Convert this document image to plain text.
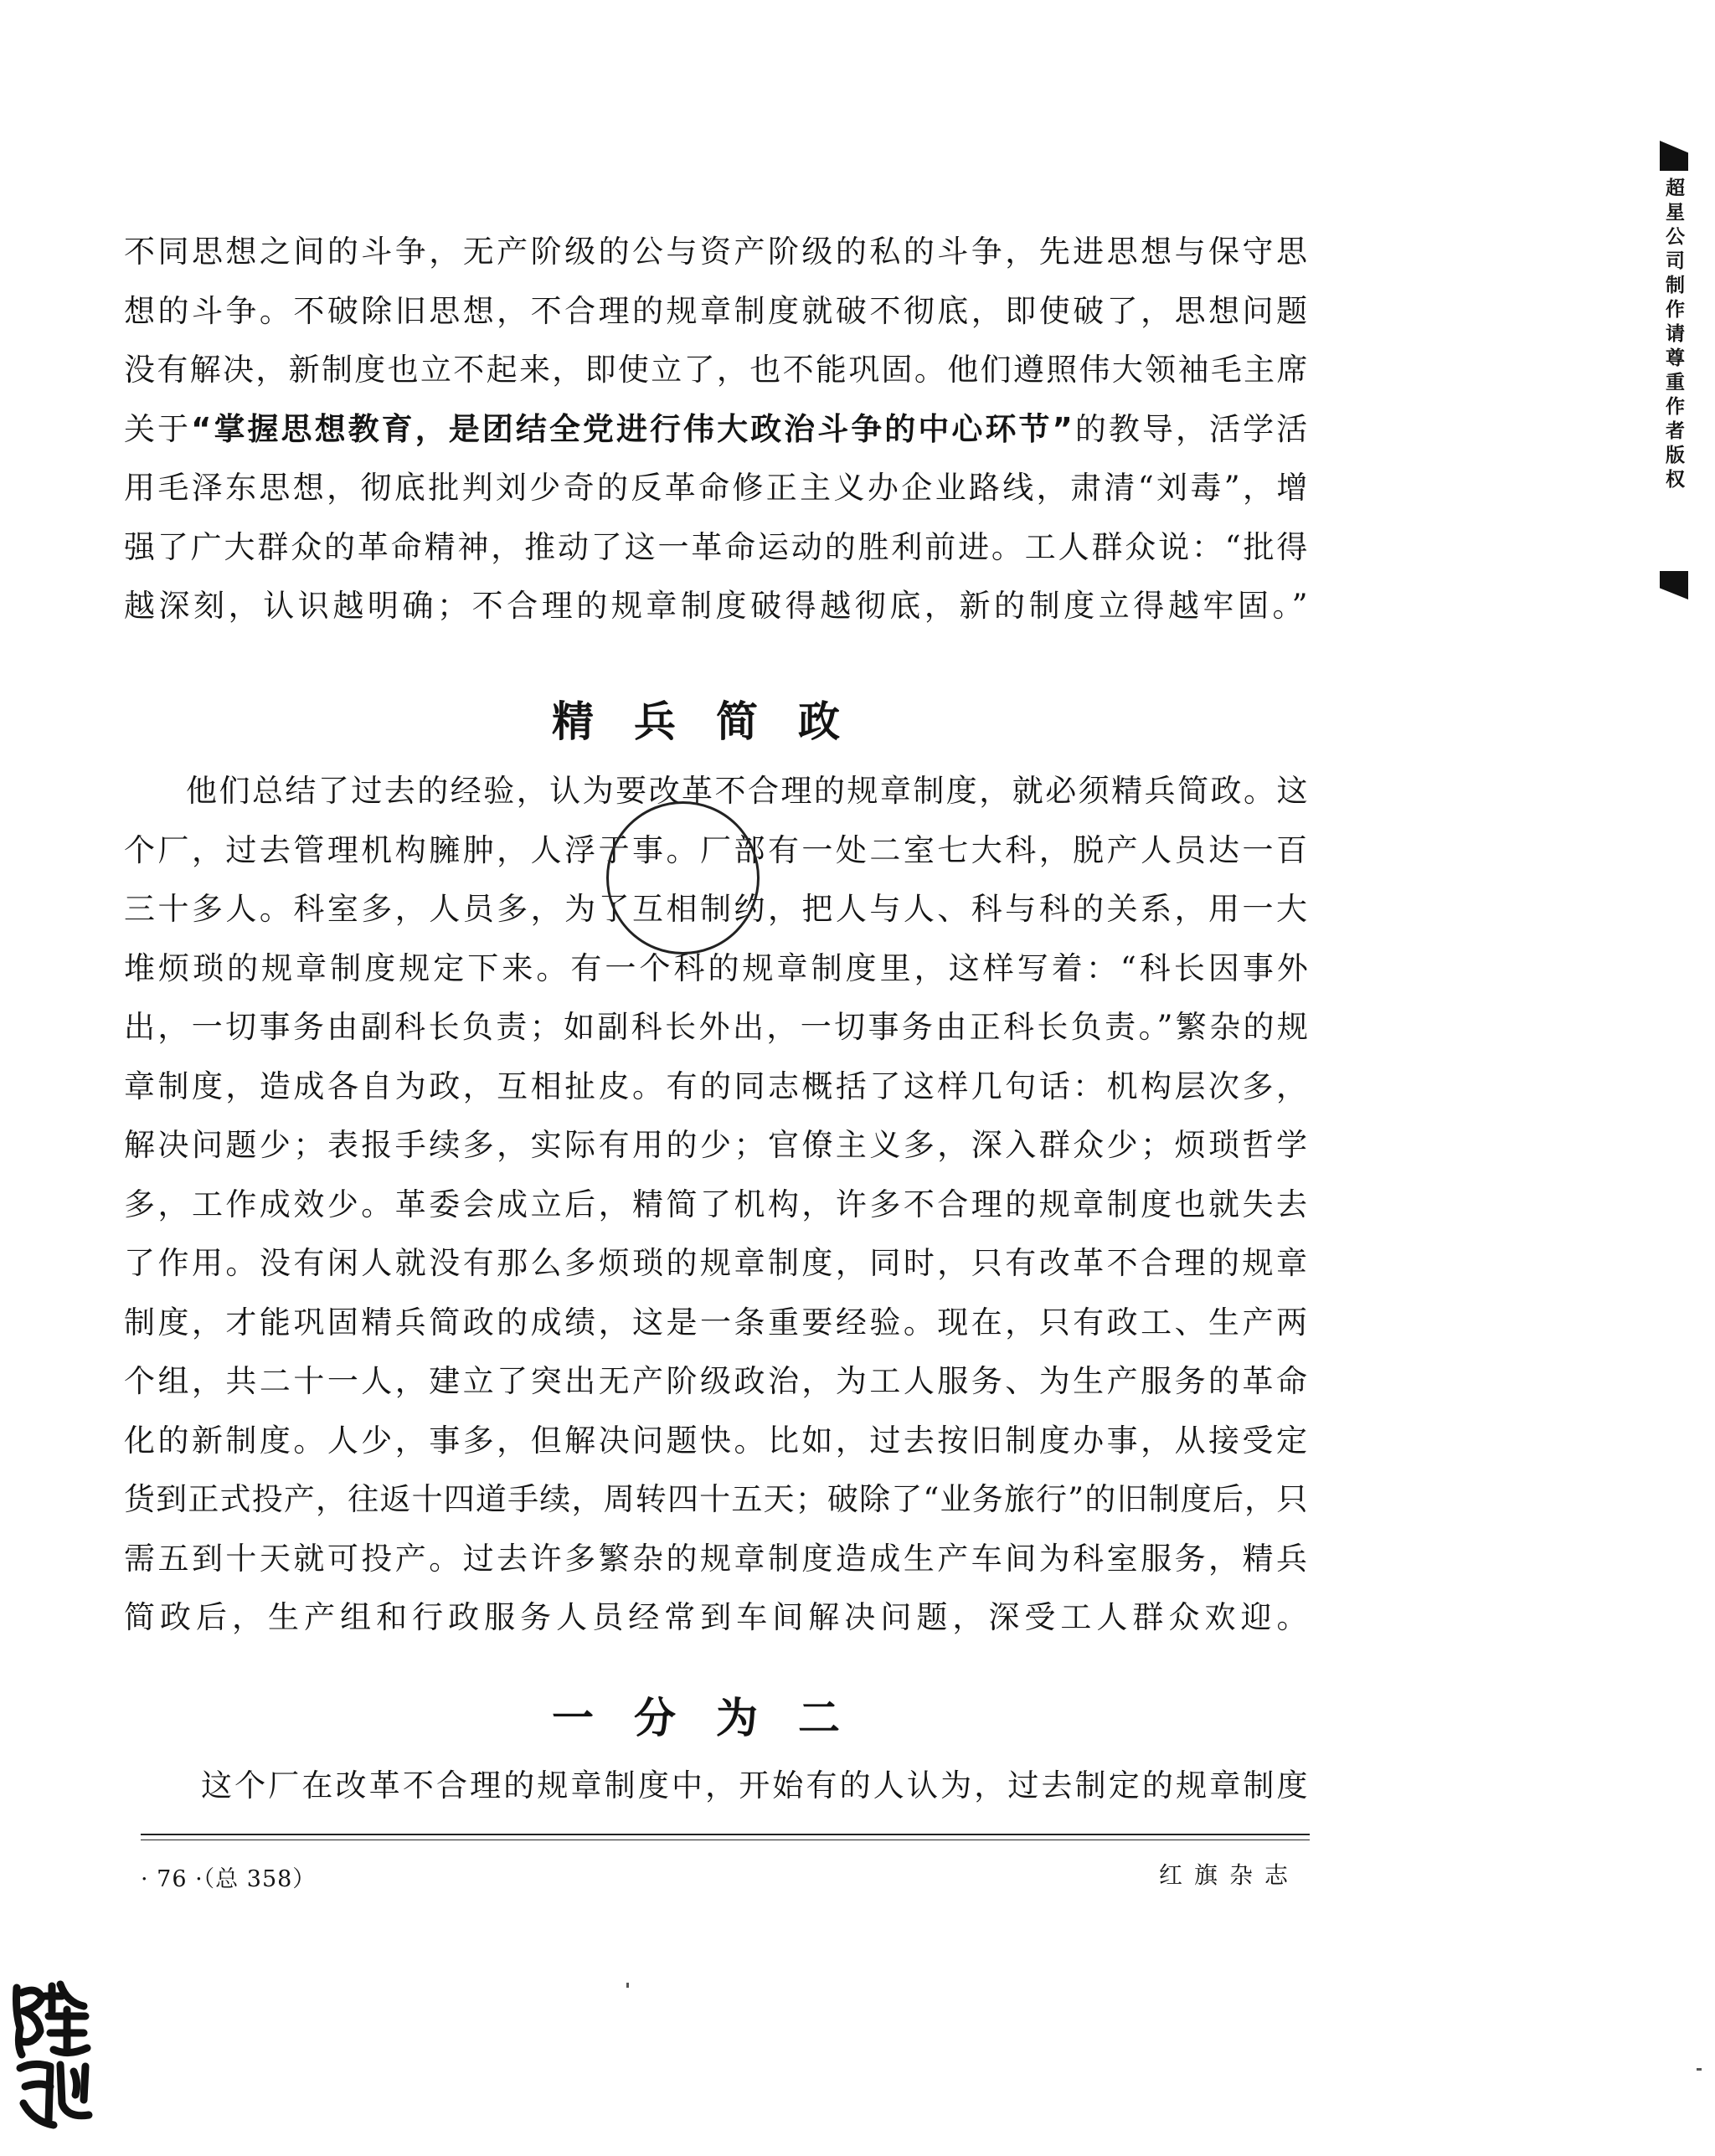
不同思想之间的斗争，无产阶级的公与资产阶级的私的斗争，先进思想与保守思
想的斗争。不破除旧思想，不合理的规章制度就破不彻底，即使破了，思想问题
没有解决，新制度也立不起来，即使立了，也不能巩固。他们遵照伟大领袖毛主席
关于“掌握思想教育，是团结全党进行伟大政治斗争的中心环节”的教导，活学活
用毛泽东思想，彻底批判刘少奇的反革命修正主义办企业路线，肃清“刘毒”，增
强了广大群众的革命精神，推动了这一革命运动的胜利前进。工人群众说：“批得
越深刻，认识越明确；不合理的规章制度破得越彻底，新的制度立得越牢固。”

精兵简政

他们总结了过去的经验，认为要改革不合理的规章制度，就必须精兵简政。这
个厂，过去管理机构臃肿，人浮于事。厂部有一处二室七大科，脱产人员达一百
三十多人。科室多，人员多，为了互相制约，把人与人、科与科的关系，用一大
堆烦琐的规章制度规定下来。有一个科的规章制度里，这样写着：“科长因事外
出，一切事务由副科长负责；如副科长外出，一切事务由正科长负责。”繁杂的规
章制度，造成各自为政，互相扯皮。有的同志概括了这样几句话：机构层次多，
解决问题少；表报手续多，实际有用的少；官僚主义多，深入群众少；烦琐哲学
多，工作成效少。革委会成立后，精简了机构，许多不合理的规章制度也就失去
了作用。没有闲人就没有那么多烦琐的规章制度，同时，只有改革不合理的规章
制度，才能巩固精兵简政的成绩，这是一条重要经验。现在，只有政工、生产两
个组，共二十一人，建立了突出无产阶级政治，为工人服务、为生产服务的革命
化的新制度。人少，事多，但解决问题快。比如，过去按旧制度办事，从接受定
货到正式投产，往返十四道手续，周转四十五天；破除了“业务旅行”的旧制度后，只
需五到十天就可投产。过去许多繁杂的规章制度造成生产车间为科室服务，精兵
简政后，生产组和行政服务人员经常到车间解决问题，深受工人群众欢迎。

一分为二

这个厂在改革不合理的规章制度中，开始有的人认为，过去制定的规章制度

· 76 ·（总 358）	红旗杂志
超星公司制作请尊重作者版权
